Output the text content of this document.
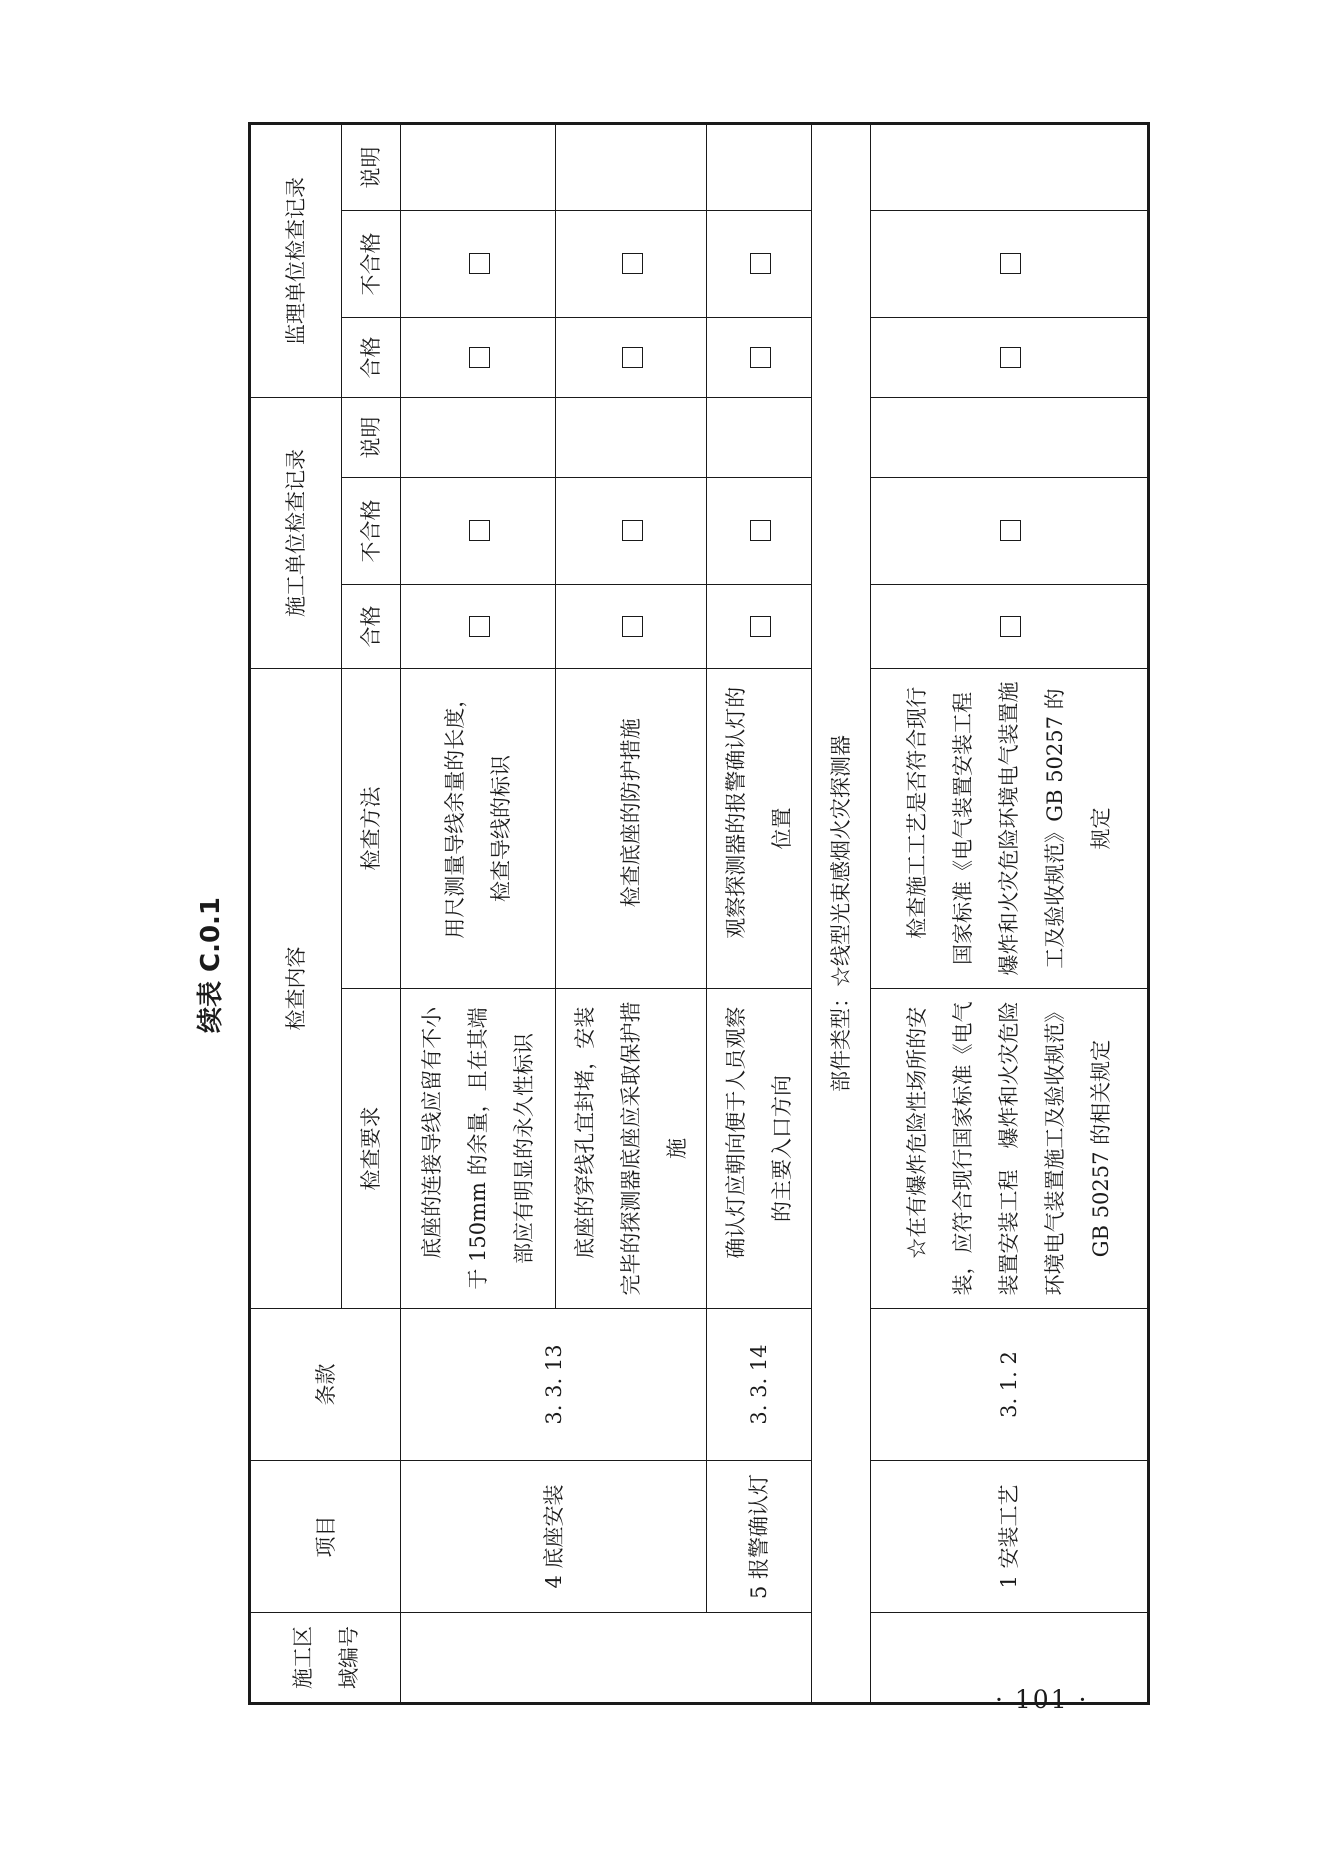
· 101 ·
续表 C.0.1
施工区域编号	项目	条款	检查内容		施工单位检查记录			监理单位检查记录		
			检查要求	检查方法	合格	不合格	说明	合格	不合格	说明
	4 底座安装	3. 3. 13	底座的连接导线应留有不小于 150mm 的余量，且在其端部应有明显的永久性标识	用尺测量导线余量的长度，检查导线的标识						
			底座的穿线孔宜封堵，安装完毕的探测器底座应采取保护措施	检查底座的防护措施						
	5 报警确认灯	3. 3. 14	确认灯应朝向便于人员观察的主要入口方向	观察探测器的报警确认灯的位置						
部件类型：☆线型光束感烟火灾探测器										
	1 安装工艺	3. 1. 2	☆在有爆炸危险性场所的安装，应符合现行国家标准《电气装置安装工程　爆炸和火灾危险环境电气装置施工及验收规范》GB 50257 的相关规定	检查施工工艺是否符合现行国家标准《电气装置安装工程　爆炸和火灾危险环境电气装置施工及验收规范》GB 50257 的规定						
